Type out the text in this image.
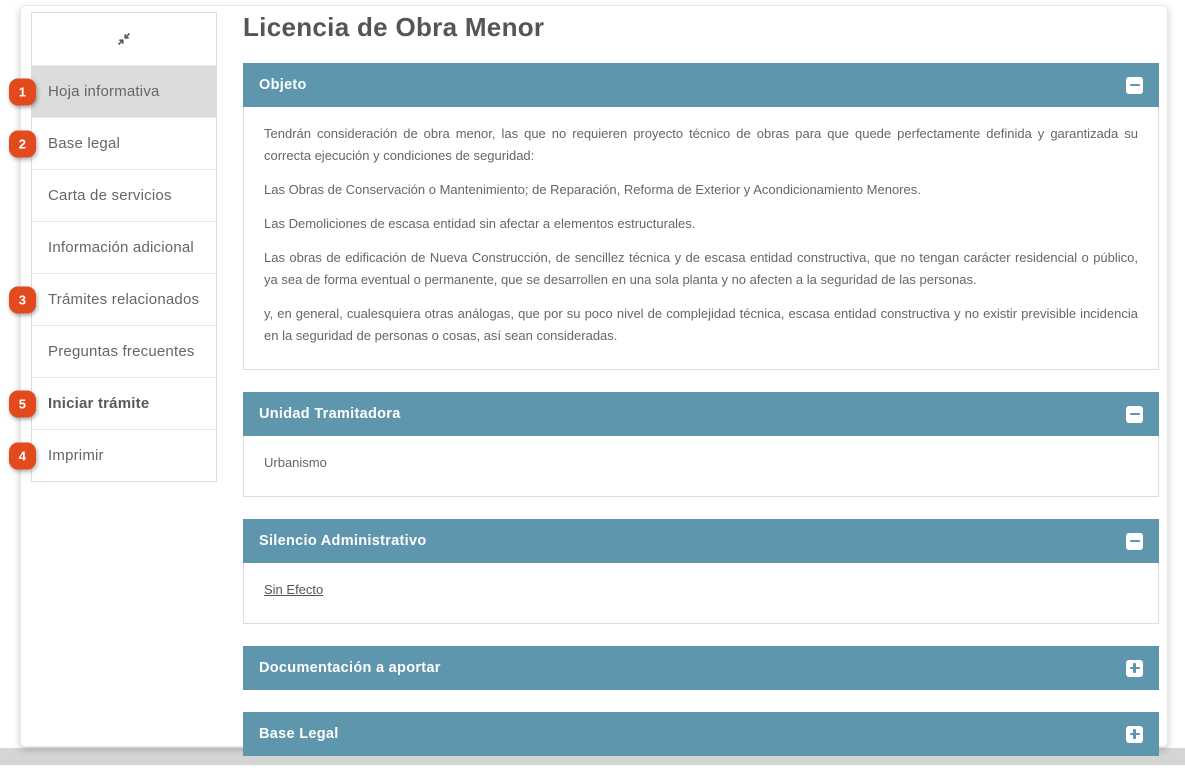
1	Hoja informativa
2	Base legal
Carta de servicios
Información adicional
3	Trámites relacionados
Preguntas frecuentes
5	Iniciar trámite
4	Imprimir
Licencia de Obra Menor
Objeto

Tendrán consideración de obra menor, las que no requieren proyecto técnico de obras para que quede perfectamente definida y garantizada su correcta ejecución y condiciones de seguridad:

Las Obras de Conservación o Mantenimiento; de Reparación, Reforma de Exterior y Acondicionamiento Menores.

Las Demoliciones de escasa entidad sin afectar a elementos estructurales.

Las obras de edificación de Nueva Construcción, de sencillez técnica y de escasa entidad constructiva, que no tengan carácter residencial o público, ya sea de forma eventual o permanente, que se desarrollen en una sola planta y no afecten a la seguridad de las personas.

y, en general, cualesquiera otras análogas, que por su poco nivel de complejidad técnica, escasa entidad constructiva y no existir previsible incidencia en la seguridad de personas o cosas, así sean consideradas.

Unidad Tramitadora

Urbanismo

Silencio Administrativo

Sin Efecto

Documentación a aportar
Base Legal
